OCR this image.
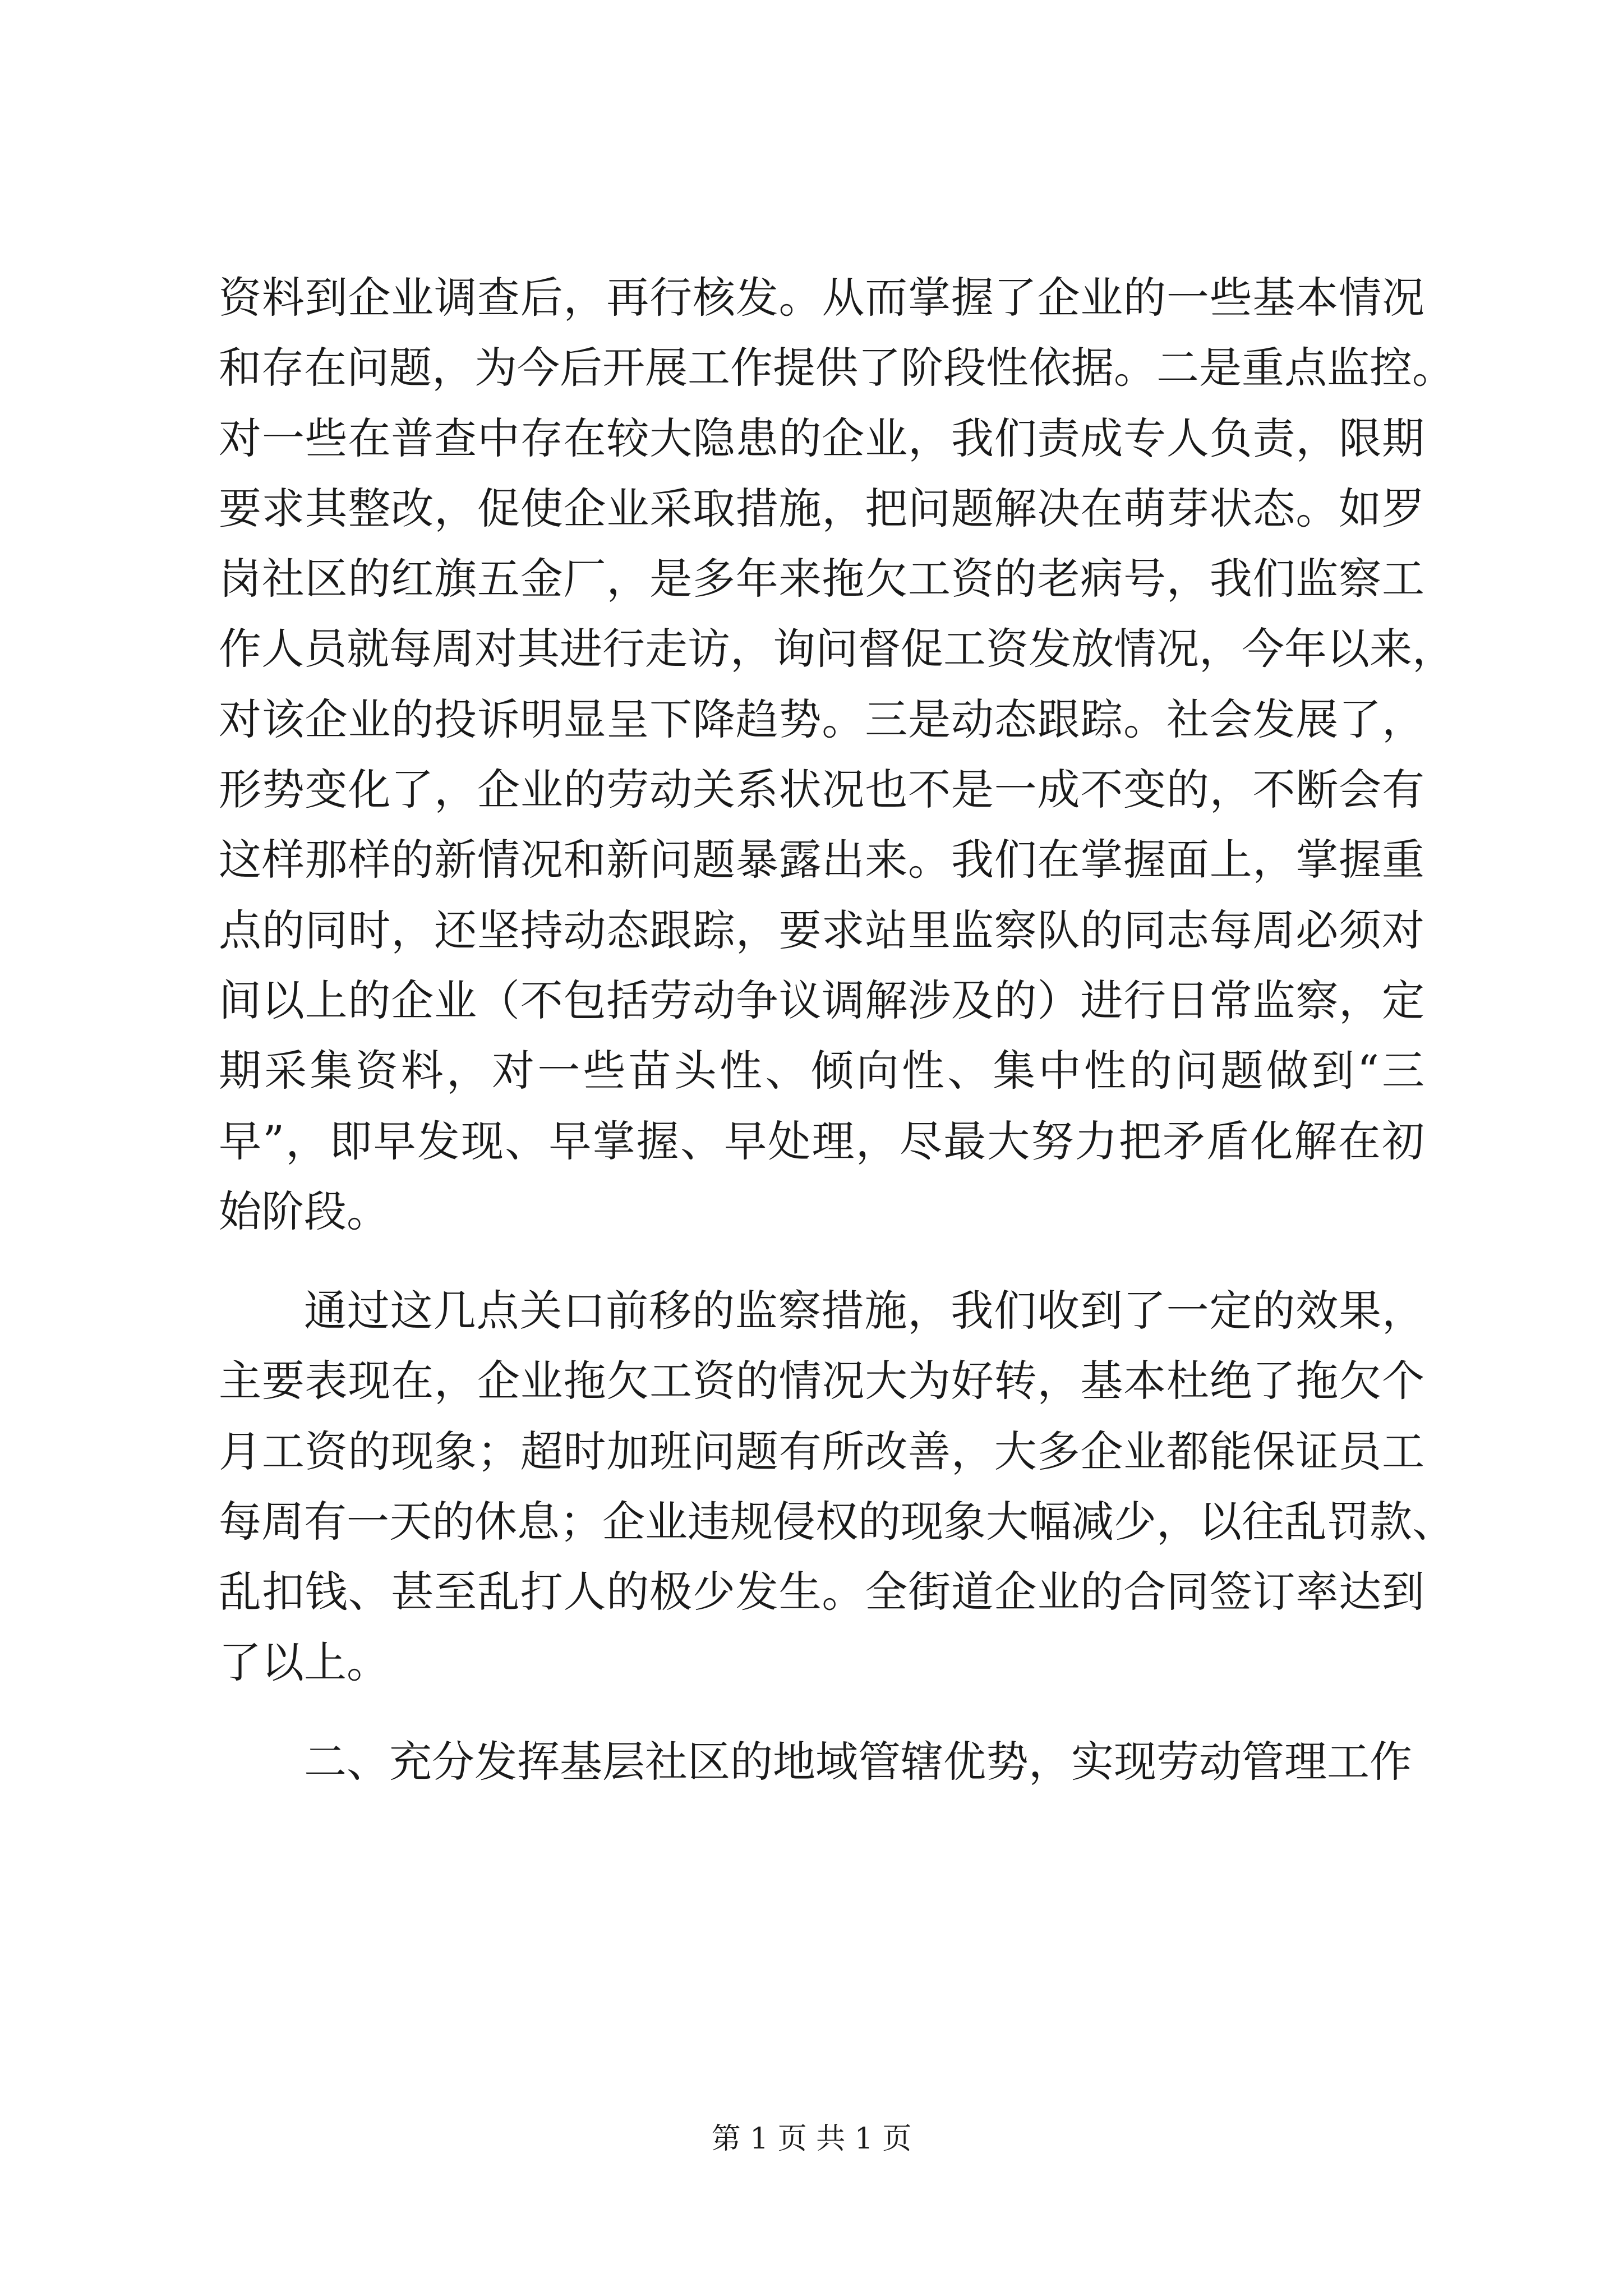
资料到企业调查后，再行核发。从而掌握了企业的一些基本情况
和存在问题，为今后开展工作提供了阶段性依据。二是重点监控。
对一些在普查中存在较大隐患的企业，我们责成专人负责，限期
要求其整改，促使企业采取措施，把问题解决在萌芽状态。如罗
岗社区的红旗五金厂，是多年来拖欠工资的老病号，我们监察工
作人员就每周对其进行走访，询问督促工资发放情况，今年以来，
对该企业的投诉明显呈下降趋势。三是动态跟踪。社会发展了，
形势变化了，企业的劳动关系状况也不是一成不变的，不断会有
这样那样的新情况和新问题暴露出来。我们在掌握面上，掌握重
点的同时，还坚持动态跟踪，要求站里监察队的同志每周必须对
间以上的企业（不包括劳动争议调解涉及的）进行日常监察，定
期采集资料，对一些苗头性、倾向性、集中性的问题做到“三
早”，即早发现、早掌握、早处理，尽最大努力把矛盾化解在初
始阶段。
通过这几点关口前移的监察措施，我们收到了一定的效果，
主要表现在，企业拖欠工资的情况大为好转，基本杜绝了拖欠个
月工资的现象；超时加班问题有所改善，大多企业都能保证员工
每周有一天的休息；企业违规侵权的现象大幅减少，以往乱罚款、
乱扣钱、甚至乱打人的极少发生。全街道企业的合同签订率达到
了以上。
二、充分发挥基层社区的地域管辖优势，实现劳动管理工作
第 1 页 共 1 页
